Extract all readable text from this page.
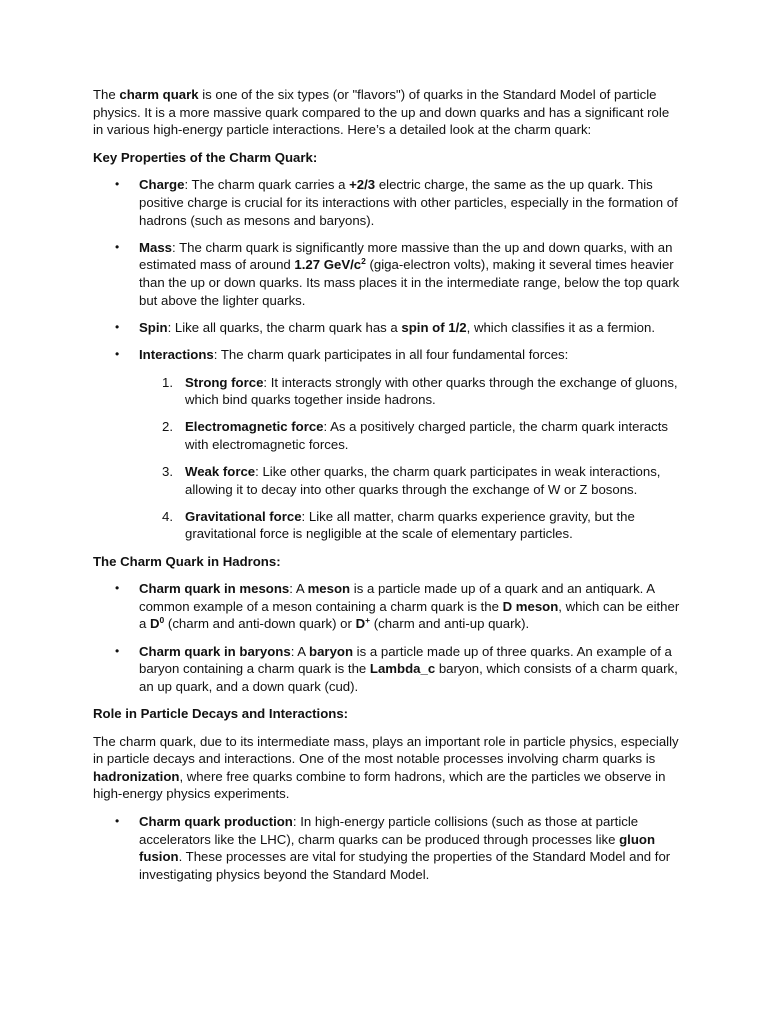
The charm quark is one of the six types (or "flavors") of quarks in the Standard Model of particle physics. It is a more massive quark compared to the up and down quarks and has a significant role in various high-energy particle interactions. Here’s a detailed look at the charm quark:

Key Properties of the Charm Quark:

• Charge: The charm quark carries a +2/3 electric charge, the same as the up quark. This positive charge is crucial for its interactions with other particles, especially in the formation of hadrons (such as mesons and baryons).
• Mass: The charm quark is significantly more massive than the up and down quarks, with an estimated mass of around 1.27 GeV/$c^2$ (giga-electron volts), making it several times heavier than the up or down quarks. Its mass places it in the intermediate range, below the top quark but above the lighter quarks.
• Spin: Like all quarks, the charm quark has a spin of 1/2, which classifies it as a fermion.
• Interactions: The charm quark participates in all four fundamental forces:
1. Strong force: It interacts strongly with other quarks through the exchange of gluons, which bind quarks together inside hadrons.
2. Electromagnetic force: As a positively charged particle, the charm quark interacts with electromagnetic forces.
3. Weak force: Like other quarks, the charm quark participates in weak interactions, allowing it to decay into other quarks through the exchange of W or Z bosons.
4. Gravitational force: Like all matter, charm quarks experience gravity, but the gravitational force is negligible at the scale of elementary particles.

The Charm Quark in Hadrons:

• Charm quark in mesons: A meson is a particle made up of a quark and an antiquark. A common example of a meson containing a charm quark is the D meson, which can be either a $D^0$ (charm and anti-down quark) or D+ (charm and anti-up quark).
• Charm quark in baryons: A baryon is a particle made up of three quarks. An example of a baryon containing a charm quark is the Lambda_c baryon, which consists of a charm quark, an up quark, and a down quark (cud).

Role in Particle Decays and Interactions:

The charm quark, due to its intermediate mass, plays an important role in particle physics, especially in particle decays and interactions. One of the most notable processes involving charm quarks is hadronization, where free quarks combine to form hadrons, which are the particles we observe in high-energy physics experiments.

• Charm quark production: In high-energy particle collisions (such as those at particle accelerators like the LHC), charm quarks can be produced through processes like gluon fusion. These processes are vital for studying the properties of the Standard Model and for investigating physics beyond the Standard Model.
